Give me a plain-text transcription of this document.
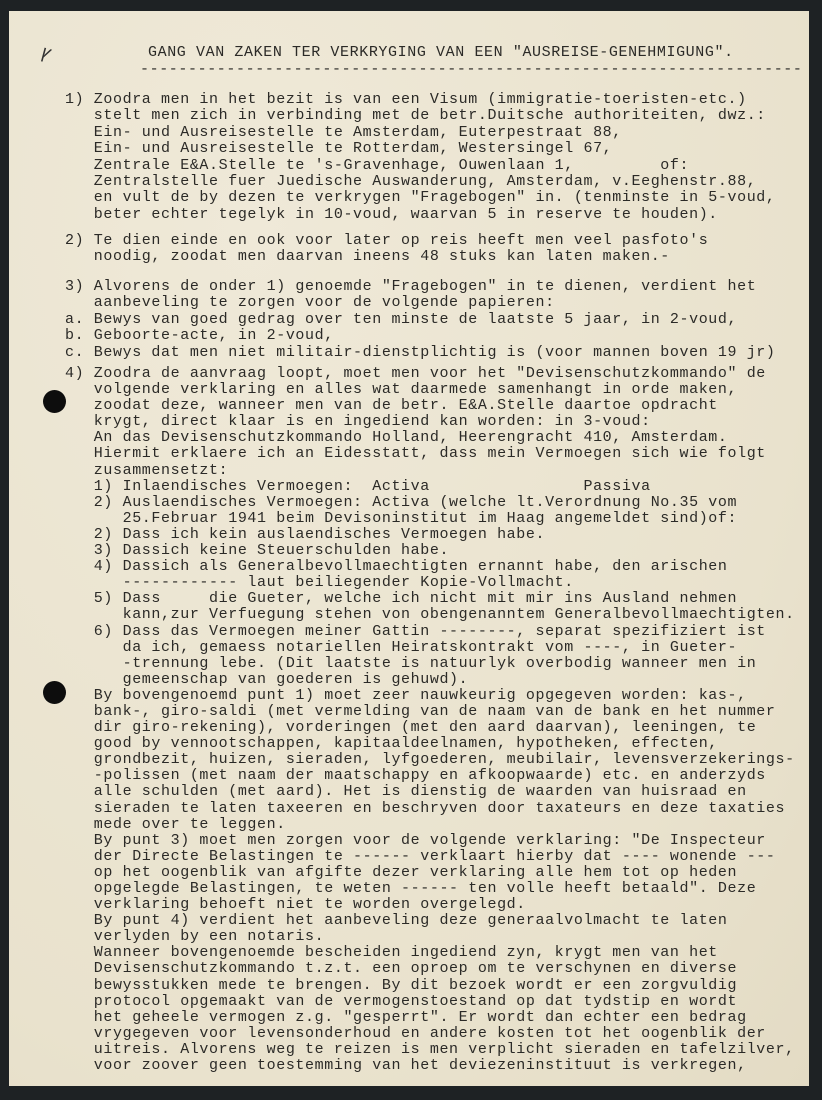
ꝩ	GANG VAN ZAKEN TER VERKRYGING VAN EEN "AUSREISE-GENEHMIGUNG".
---------------------------------------------------------------------
1) Zoodra men in het bezit is van een Visum (immigratie-toeristen-etc.)
stelt men zich in verbinding met de betr.Duitsche authoriteiten, dwz.:
Ein- und Ausreisestelle te Amsterdam, Euterpestraat 88,
Ein- und Ausreisestelle te Rotterdam, Westersingel 67,
Zentrale E&A.Stelle te 's-Gravenhage, Ouwenlaan 1,         of:
Zentralstelle fuer Juedische Auswanderung, Amsterdam, v.Eeghenstr.88,
en vult de by dezen te verkrygen "Fragebogen" in. (tenminste in 5-voud,
beter echter tegelyk in 10-voud, waarvan 5 in reserve te houden).
2) Te dien einde en ook voor later op reis heeft men veel pasfoto's
noodig, zoodat men daarvan ineens 48 stuks kan laten maken.-
3) Alvorens de onder 1) genoemde "Fragebogen" in te dienen, verdient het
aanbeveling te zorgen voor de volgende papieren:
a. Bewys van goed gedrag over ten minste de laatste 5 jaar, in 2-voud,
b. Geboorte-acte, in 2-voud,
c. Bewys dat men niet militair-dienstplichtig is (voor mannen boven 19 jr)
4) Zoodra de aanvraag loopt, moet men voor het "Devisenschutzkommando" de
volgende verklaring en alles wat daarmede samenhangt in orde maken,
zoodat deze, wanneer men van de betr. E&A.Stelle daartoe opdracht
krygt, direct klaar is en ingediend kan worden: in 3-voud:
An das Devisenschutzkommando Holland, Heerengracht 410, Amsterdam.
Hiermit erklaere ich an Eidesstatt, dass mein Vermoegen sich wie folgt
zusammensetzt:
1) Inlaendisches Vermoegen:  Activa                Passiva
2) Auslaendisches Vermoegen: Activa (welche lt.Verordnung No.35 vom
25.Februar 1941 beim Devisoninstitut im Haag angemeldet sind)of:
2) Dass ich kein auslaendisches Vermoegen habe.
3) Dassich keine Steuerschulden habe.
4) Dassich als Generalbevollmaechtigten ernannt habe, den arischen
------------ laut beiliegender Kopie-Vollmacht.
5) Dass     die Gueter, welche ich nicht mit mir ins Ausland nehmen
kann,zur Verfuegung stehen von obengenanntem Generalbevollmaechtigten.
6) Dass das Vermoegen meiner Gattin --------, separat spezifiziert ist
da ich, gemaess notariellen Heiratskontrakt vom ----, in Gueter-
-trennung lebe. (Dit laatste is natuurlyk overbodig wanneer men in
gemeenschap van goederen is gehuwd).
By bovengenoemd punt 1) moet zeer nauwkeurig opgegeven worden: kas-,
bank-, giro-saldi (met vermelding van de naam van de bank en het nummer
dir giro-rekening), vorderingen (met den aard daarvan), leeningen, te
good by vennootschappen, kapitaaldeelnamen, hypotheken, effecten,
grondbezit, huizen, sieraden, lyfgoederen, meubilair, levensverzekerings-
-polissen (met naam der maatschappy en afkoopwaarde) etc. en anderzyds
alle schulden (met aard). Het is dienstig de waarden van huisraad en
sieraden te laten taxeeren en beschryven door taxateurs en deze taxaties
mede over te leggen.
By punt 3) moet men zorgen voor de volgende verklaring: "De Inspecteur
der Directe Belastingen te ------ verklaart hierby dat ---- wonende ---
op het oogenblik van afgifte dezer verklaring alle hem tot op heden
opgelegde Belastingen, te weten ------ ten volle heeft betaald". Deze
verklaring behoeft niet te worden overgelegd.
By punt 4) verdient het aanbeveling deze generaalvolmacht te laten
verlyden by een notaris.
Wanneer bovengenoemde bescheiden ingediend zyn, krygt men van het
Devisenschutzkommando t.z.t. een oproep om te verschynen en diverse
bewysstukken mede te brengen. By dit bezoek wordt er een zorgvuldig
protocol opgemaakt van de vermogenstoestand op dat tydstip en wordt
het geheele vermogen z.g. "gesperrt". Er wordt dan echter een bedrag
vrygegeven voor levensonderhoud en andere kosten tot het oogenblik der
uitreis. Alvorens weg te reizen is men verplicht sieraden en tafelzilver,
voor zoover geen toestemming van het deviezeninstituut is verkregen,
